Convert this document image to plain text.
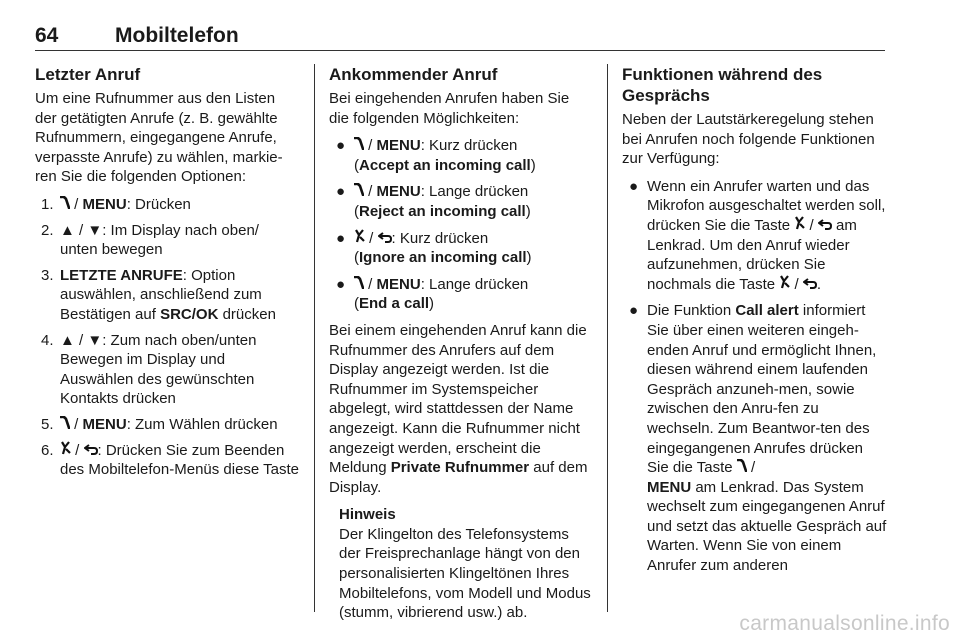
64	Mobiltelefon
Letzter Anruf

Um eine Rufnummer aus den Listen der getätigten Anrufe (z. B. gewählte Rufnummern, eingegangene Anrufe, verpasste Anrufe) zu wählen, markie-ren Sie die folgenden Optionen:

1. / MENU: Drücken
2. ▲ / ▼: Im Display nach oben/ unten bewegen
3. LETZTE ANRUFE: Option auswählen, anschließend zum Bestätigen auf SRC/OK drücken
4. ▲ / ▼: Zum nach oben/unten Bewegen im Display und Auswählen des gewünschten Kontakts drücken
5. / MENU: Zum Wählen drücken
6. / : Drücken Sie zum Beenden des Mobiltelefon-Menüs diese Taste
Ankommender Anruf

Bei eingehenden Anrufen haben Sie die folgenden Möglichkeiten:

● / MENU: Kurz drücken
(Accept an incoming call)
● / MENU: Lange drücken
(Reject an incoming call)
● / : Kurz drücken
(Ignore an incoming call)
● / MENU: Lange drücken
(End a call)

Bei einem eingehenden Anruf kann die Rufnummer des Anrufers auf dem Display angezeigt werden. Ist die Rufnummer im Systemspeicher abgelegt, wird stattdessen der Name angezeigt. Kann die Rufnummer nicht angezeigt werden, erscheint die Meldung Private Rufnummer auf dem Display.

Hinweis
Der Klingelton des Telefonsystems der Freisprechanlage hängt von den personalisierten Klingeltönen Ihres Mobiltelefons, vom Modell und Modus (stumm, vibrierend usw.) ab.
Funktionen während des Gesprächs

Neben der Lautstärkeregelung stehen bei Anrufen noch folgende Funktionen zur Verfügung:

● Wenn ein Anrufer warten und das Mikrofon ausgeschaltet werden soll, drücken Sie die Taste  /  am Lenkrad. Um den Anruf wieder aufzunehmen, drücken Sie nochmals die Taste  / .
● Die Funktion Call alert informiert Sie über einen weiteren eingeh-enden Anruf und ermöglicht Ihnen, diesen während einem laufenden Gespräch anzuneh-men, sowie zwischen den Anru-fen zu wechseln. Zum Beantwor-ten des eingegangenen Anrufes drücken Sie die Taste  /
MENU am Lenkrad. Das System wechselt zum eingegangenen Anruf und setzt das aktuelle Gespräch auf Warten. Wenn Sie von einem Anrufer zum anderen
carmanualsonline.info
